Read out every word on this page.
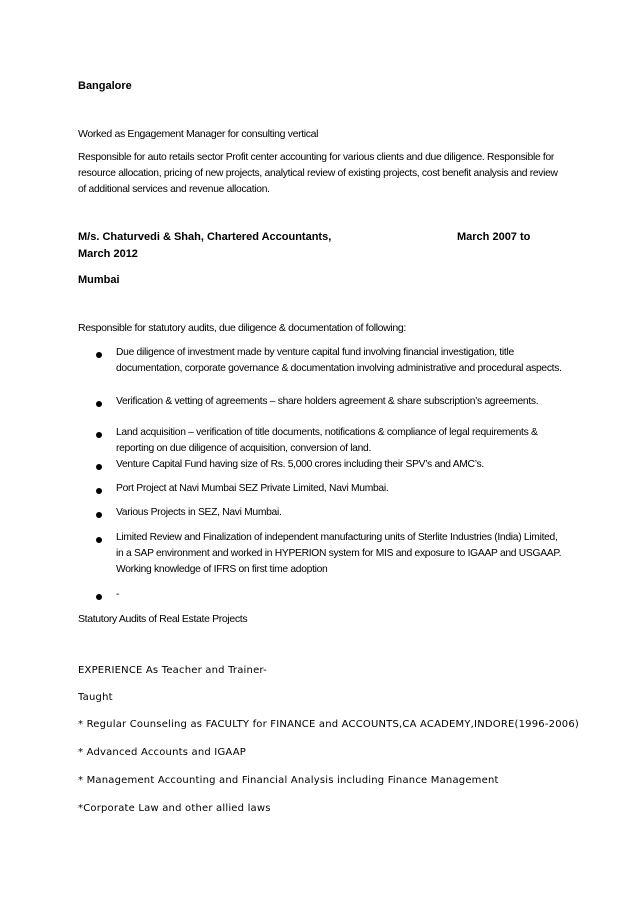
Bangalore
Worked as Engagement Manager for consulting vertical
Responsible for auto retails sector Profit center accounting for various clients and due diligence. Responsible for resource allocation, pricing of new projects, analytical review of existing projects, cost benefit analysis and review of additional services and revenue allocation.
M/s. Chaturvedi & Shah, Chartered Accountants,	March 2007 to
March 2012
Mumbai
Responsible for statutory audits, due diligence & documentation of following:
Due diligence of investment made by venture capital fund involving financial investigation, title documentation, corporate governance & documentation involving administrative and procedural aspects.
Verification & vetting of agreements – share holders agreement & share subscription’s agreements.
Land acquisition – verification of title documents, notifications & compliance of legal requirements & reporting on due diligence of acquisition, conversion of land.
Venture Capital Fund having size of Rs. 5,000 crores including their SPV’s and AMC’s.
Port Project at Navi Mumbai SEZ Private Limited, Navi Mumbai.
Various Projects in SEZ, Navi Mumbai.
Limited Review and Finalization of independent manufacturing units of Sterlite Industries (India) Limited, in a SAP environment and worked in HYPERION system for MIS and exposure to IGAAP and USGAAP. Working knowledge of IFRS on first time adoption
-
Statutory Audits of Real Estate Projects
EXPERIENCE As Teacher and Trainer-
Taught
* Regular Counseling as FACULTY for FINANCE and ACCOUNTS,CA ACADEMY,INDORE(1996-2006)
* Advanced Accounts and IGAAP
* Management Accounting and Financial Analysis including Finance Management
*Corporate Law and other allied laws
